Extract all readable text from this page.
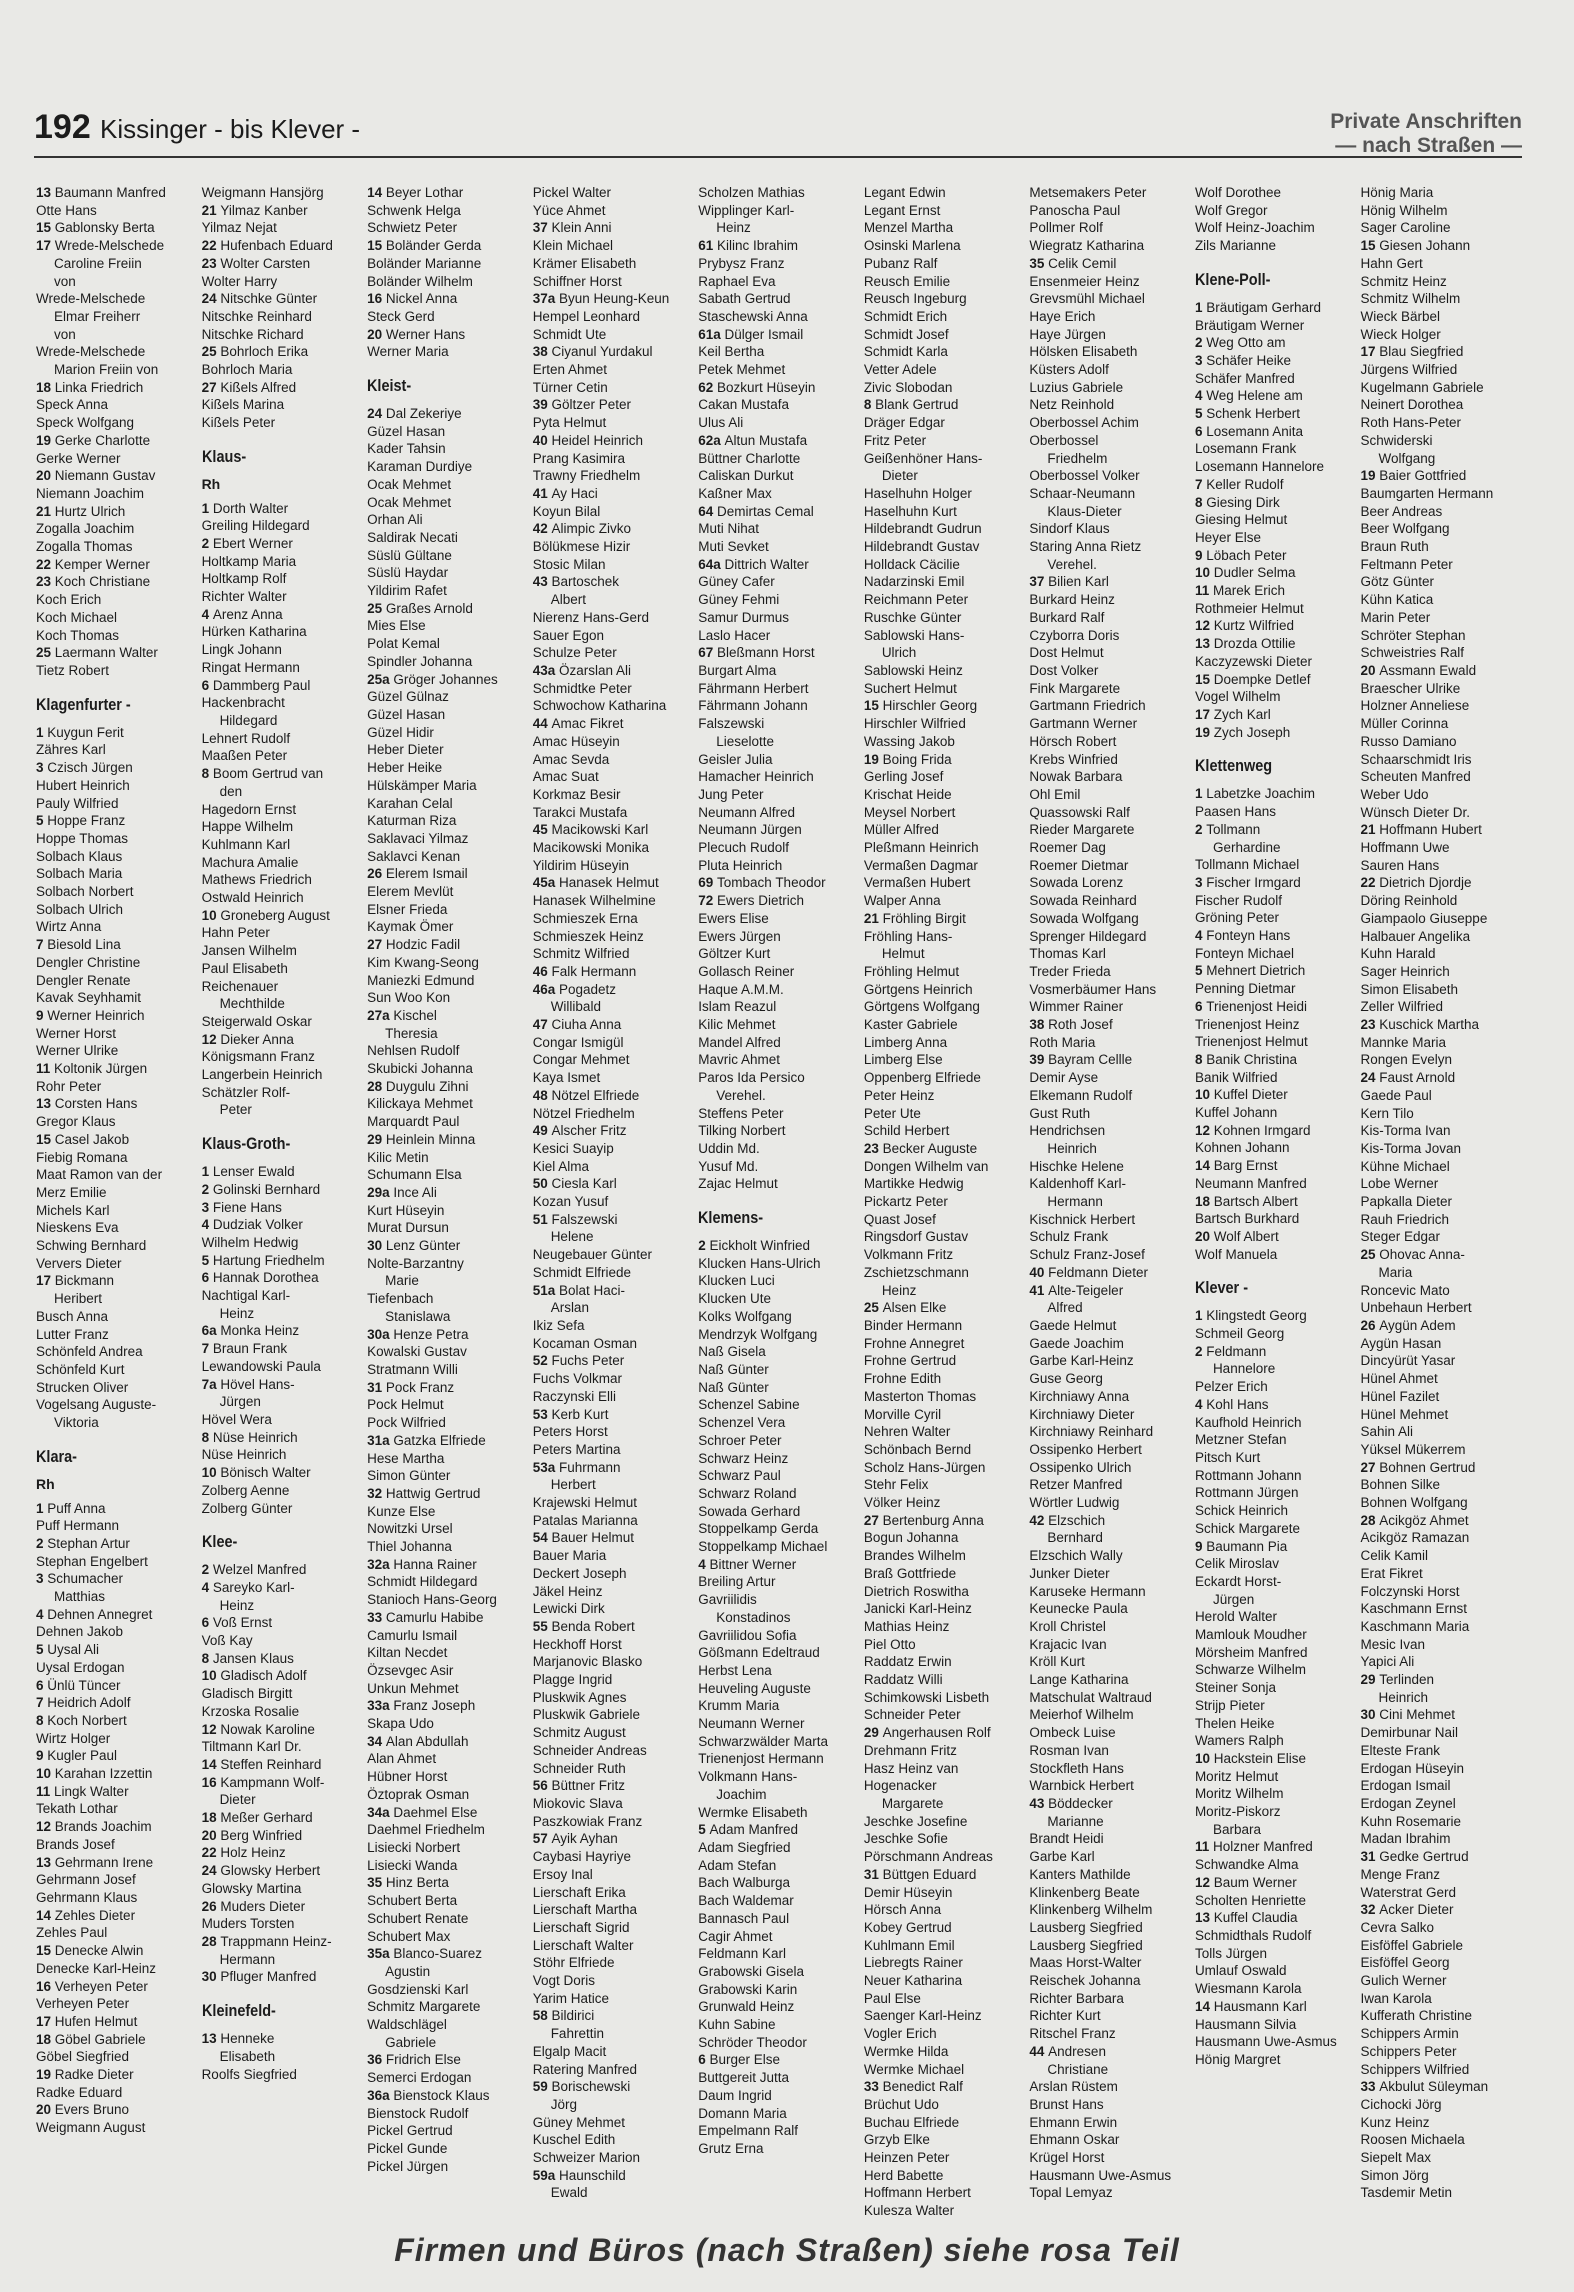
192 Kissinger - bis Klever -	Private Anschriften
— nach Straßen —
13 Baumann Manfred
Otte Hans
15 Gablonsky Berta
17 Wrede-Melschede
Caroline Freiin
von
Wrede-Melschede
Elmar Freiherr
von
Wrede-Melschede
Marion Freiin von
18 Linka Friedrich
Speck Anna
Speck Wolfgang
19 Gerke Charlotte
Gerke Werner
20 Niemann Gustav
Niemann Joachim
21 Hurtz Ulrich
Zogalla Joachim
Zogalla Thomas
22 Kemper Werner
23 Koch Christiane
Koch Erich
Koch Michael
Koch Thomas
25 Laermann Walter
Tietz Robert
Klagenfurter -
1 Kuygun Ferit
Zähres Karl
3 Czisch Jürgen
Hubert Heinrich
Pauly Wilfried
5 Hoppe Franz
Hoppe Thomas
Solbach Klaus
Solbach Maria
Solbach Norbert
Solbach Ulrich
Wirtz Anna
7 Biesold Lina
Dengler Christine
Dengler Renate
Kavak Seyhhamit
9 Werner Heinrich
Werner Horst
Werner Ulrike
11 Koltonik Jürgen
Rohr Peter
13 Corsten Hans
Gregor Klaus
15 Casel Jakob
Fiebig Romana
Maat Ramon van der
Merz Emilie
Michels Karl
Nieskens Eva
Schwing Bernhard
Ververs Dieter
17 Bickmann
Heribert
Busch Anna
Lutter Franz
Schönfeld Andrea
Schönfeld Kurt
Strucken Oliver
Vogelsang Auguste-
Viktoria
Klara-
Rh
1 Puff Anna
Puff Hermann
2 Stephan Artur
Stephan Engelbert
3 Schumacher
Matthias
4 Dehnen Annegret
Dehnen Jakob
5 Uysal Ali
Uysal Erdogan
6 Ünlü Tüncer
7 Heidrich Adolf
8 Koch Norbert
Wirtz Holger
9 Kugler Paul
10 Karahan Izzettin
11 Lingk Walter
Tekath Lothar
12 Brands Joachim
Brands Josef
13 Gehrmann Irene
Gehrmann Josef
Gehrmann Klaus
14 Zehles Dieter
Zehles Paul
15 Denecke Alwin
Denecke Karl-Heinz
16 Verheyen Peter
Verheyen Peter
17 Hufen Helmut
18 Göbel Gabriele
Göbel Siegfried
19 Radke Dieter
Radke Eduard
20 Evers Bruno
Weigmann August
Weigmann Hansjörg
21 Yilmaz Kanber
Yilmaz Nejat
22 Hufenbach Eduard
23 Wolter Carsten
Wolter Harry
24 Nitschke Günter
Nitschke Reinhard
Nitschke Richard
25 Bohrloch Erika
Bohrloch Maria
27 Kißels Alfred
Kißels Marina
Kißels Peter
Klaus-
Rh
1 Dorth Walter
Greiling Hildegard
2 Ebert Werner
Holtkamp Maria
Holtkamp Rolf
Richter Walter
4 Arenz Anna
Hürken Katharina
Lingk Johann
Ringat Hermann
6 Dammberg Paul
Hackenbracht
Hildegard
Lehnert Rudolf
Maaßen Peter
8 Boom Gertrud van
den
Hagedorn Ernst
Happe Wilhelm
Kuhlmann Karl
Machura Amalie
Mathews Friedrich
Ostwald Heinrich
10 Groneberg August
Hahn Peter
Jansen Wilhelm
Paul Elisabeth
Reichenauer
Mechthilde
Steigerwald Oskar
12 Dieker Anna
Königsmann Franz
Langerbein Heinrich
Schätzler Rolf-
Peter
Klaus-Groth-
1 Lenser Ewald
2 Golinski Bernhard
3 Fiene Hans
4 Dudziak Volker
Wilhelm Hedwig
5 Hartung Friedhelm
6 Hannak Dorothea
Nachtigal Karl-
Heinz
6a Monka Heinz
7 Braun Frank
Lewandowski Paula
7a Hövel Hans-
Jürgen
Hövel Wera
8 Nüse Heinrich
Nüse Heinrich
10 Bönisch Walter
Zolberg Aenne
Zolberg Günter
Klee-
2 Welzel Manfred
4 Sareyko Karl-
Heinz
6 Voß Ernst
Voß Kay
8 Jansen Klaus
10 Gladisch Adolf
Gladisch Birgitt
Krzoska Rosalie
12 Nowak Karoline
Tiltmann Karl Dr.
14 Steffen Reinhard
16 Kampmann Wolf-
Dieter
18 Meßer Gerhard
20 Berg Winfried
22 Holz Heinz
24 Glowsky Herbert
Glowsky Martina
26 Muders Dieter
Muders Torsten
28 Trappmann Heinz-
Hermann
30 Pfluger Manfred
Kleinefeld-
13 Henneke
Elisabeth
Roolfs Siegfried
14 Beyer Lothar
Schwenk Helga
Schwietz Peter
15 Boländer Gerda
Boländer Marianne
Boländer Wilhelm
16 Nickel Anna
Steck Gerd
20 Werner Hans
Werner Maria
Kleist-
24 Dal Zekeriye
Güzel Hasan
Kader Tahsin
Karaman Durdiye
Ocak Mehmet
Ocak Mehmet
Orhan Ali
Saldirak Necati
Süslü Gültane
Süslü Haydar
Yildirim Rafet
25 Graßes Arnold
Mies Else
Polat Kemal
Spindler Johanna
25a Gröger Johannes
Güzel Gülnaz
Güzel Hasan
Güzel Hidir
Heber Dieter
Heber Heike
Hülskämper Maria
Karahan Celal
Katurman Riza
Saklavaci Yilmaz
Saklavci Kenan
26 Elerem Ismail
Elerem Mevlüt
Elsner Frieda
Kaymak Ömer
27 Hodzic Fadil
Kim Kwang-Seong
Maniezki Edmund
Sun Woo Kon
27a Kischel
Theresia
Nehlsen Rudolf
Skubicki Johanna
28 Duygulu Zihni
Kilickaya Mehmet
Marquardt Paul
29 Heinlein Minna
Kilic Metin
Schumann Elsa
29a Ince Ali
Kurt Hüseyin
Murat Dursun
30 Lenz Günter
Nolte-Barzantny
Marie
Tiefenbach
Stanislawa
30a Henze Petra
Kowalski Gustav
Stratmann Willi
31 Pock Franz
Pock Helmut
Pock Wilfried
31a Gatzka Elfriede
Hese Martha
Simon Günter
32 Hattwig Gertrud
Kunze Else
Nowitzki Ursel
Thiel Johanna
32a Hanna Rainer
Schmidt Hildegard
Stanioch Hans-Georg
33 Camurlu Habibe
Camurlu Ismail
Kiltan Necdet
Özsevgec Asir
Unkun Mehmet
33a Franz Joseph
Skapa Udo
34 Alan Abdullah
Alan Ahmet
Hübner Horst
Öztoprak Osman
34a Daehmel Else
Daehmel Friedhelm
Lisiecki Norbert
Lisiecki Wanda
35 Hinz Berta
Schubert Berta
Schubert Renate
Schubert Max
35a Blanco-Suarez
Agustin
Gosdzienski Karl
Schmitz Margarete
Waldschlägel
Gabriele
36 Fridrich Else
Semerci Erdogan
36a Bienstock Klaus
Bienstock Rudolf
Pickel Gertrud
Pickel Gunde
Pickel Jürgen
Pickel Walter
Yüce Ahmet
37 Klein Anni
Klein Michael
Krämer Elisabeth
Schiffner Horst
37a Byun Heung-Keun
Hempel Leonhard
Schmidt Ute
38 Ciyanul Yurdakul
Erten Ahmet
Türner Cetin
39 Göltzer Peter
Pyta Helmut
40 Heidel Heinrich
Prang Kasimira
Trawny Friedhelm
41 Ay Haci
Koyun Bilal
42 Alimpic Zivko
Bölükmese Hizir
Stosic Milan
43 Bartoschek
Albert
Nierenz Hans-Gerd
Sauer Egon
Schulze Peter
43a Özarslan Ali
Schmidtke Peter
Schwochow Katharina
44 Amac Fikret
Amac Hüseyin
Amac Sevda
Amac Suat
Korkmaz Besir
Tarakci Mustafa
45 Macikowski Karl
Macikowski Monika
Yildirim Hüseyin
45a Hanasek Helmut
Hanasek Wilhelmine
Schmieszek Erna
Schmieszek Heinz
Schmitz Wilfried
46 Falk Hermann
46a Pogadetz
Willibald
47 Ciuha Anna
Congar Ismigül
Congar Mehmet
Kaya Ismet
48 Nötzel Elfriede
Nötzel Friedhelm
49 Alscher Fritz
Kesici Suayip
Kiel Alma
50 Ciesla Karl
Kozan Yusuf
51 Falszewski
Helene
Neugebauer Günter
Schmidt Elfriede
51a Bolat Haci-
Arslan
Ikiz Sefa
Kocaman Osman
52 Fuchs Peter
Fuchs Volkmar
Raczynski Elli
53 Kerb Kurt
Peters Horst
Peters Martina
53a Fuhrmann
Herbert
Krajewski Helmut
Patalas Marianna
54 Bauer Helmut
Bauer Maria
Deckert Joseph
Jäkel Heinz
Lewicki Dirk
55 Benda Robert
Heckhoff Horst
Marjanovic Blasko
Plagge Ingrid
Pluskwik Agnes
Pluskwik Gabriele
Schmitz August
Schneider Andreas
Schneider Ruth
56 Büttner Fritz
Miokovic Slava
Paszkowiak Franz
57 Ayik Ayhan
Caybasi Hayriye
Ersoy Inal
Lierschaft Erika
Lierschaft Martha
Lierschaft Sigrid
Lierschaft Walter
Stöhr Elfriede
Vogt Doris
Yarim Hatice
58 Bildirici
Fahrettin
Elgalp Macit
Ratering Manfred
59 Borischewski
Jörg
Güney Mehmet
Kuschel Edith
Schweizer Marion
59a Haunschild
Ewald
Scholzen Mathias
Wipplinger Karl-
Heinz
61 Kilinc Ibrahim
Prybysz Franz
Raphael Eva
Sabath Gertrud
Staschewski Anna
61a Dülger Ismail
Keil Bertha
Petek Mehmet
62 Bozkurt Hüseyin
Cakan Mustafa
Ulus Ali
62a Altun Mustafa
Büttner Charlotte
Caliskan Durkut
Kaßner Max
64 Demirtas Cemal
Muti Nihat
Muti Sevket
64a Dittrich Walter
Güney Cafer
Güney Fehmi
Samur Durmus
Laslo Hacer
67 Bleßmann Horst
Burgart Alma
Fährmann Herbert
Fährmann Johann
Falszewski
Lieselotte
Geisler Julia
Hamacher Heinrich
Jung Peter
Neumann Alfred
Neumann Jürgen
Plecuch Rudolf
Pluta Heinrich
69 Tombach Theodor
72 Ewers Dietrich
Ewers Elise
Ewers Jürgen
Göltzer Kurt
Gollasch Reiner
Haque A.M.M.
Islam Reazul
Kilic Mehmet
Mandel Alfred
Mavric Ahmet
Paros Ida Persico
Verehel.
Steffens Peter
Tilking Norbert
Uddin Md.
Yusuf Md.
Zajac Helmut
Klemens-
2 Eickholt Winfried
Klucken Hans-Ulrich
Klucken Luci
Klucken Ute
Kolks Wolfgang
Mendrzyk Wolfgang
Naß Gisela
Naß Günter
Naß Günter
Schenzel Sabine
Schenzel Vera
Schroer Peter
Schwarz Heinz
Schwarz Paul
Schwarz Roland
Sowada Gerhard
Stoppelkamp Gerda
Stoppelkamp Michael
4 Bittner Werner
Breiling Artur
Gavriilidis
Konstadinos
Gavriilidou Sofia
Gößmann Edeltraud
Herbst Lena
Heuveling Auguste
Krumm Maria
Neumann Werner
Schwarzwälder Marta
Trienenjost Hermann
Volkmann Hans-
Joachim
Wermke Elisabeth
5 Adam Manfred
Adam Siegfried
Adam Stefan
Bach Walburga
Bach Waldemar
Bannasch Paul
Cagir Ahmet
Feldmann Karl
Grabowski Gisela
Grabowski Karin
Grunwald Heinz
Kuhn Sabine
Schröder Theodor
6 Burger Else
Buttgereit Jutta
Daum Ingrid
Domann Maria
Empelmann Ralf
Grutz Erna
Legant Edwin
Legant Ernst
Menzel Martha
Osinski Marlena
Pubanz Ralf
Reusch Emilie
Reusch Ingeburg
Schmidt Erich
Schmidt Josef
Schmidt Karla
Vetter Adele
Zivic Slobodan
8 Blank Gertrud
Dräger Edgar
Fritz Peter
Geißenhöner Hans-
Dieter
Haselhuhn Holger
Haselhuhn Kurt
Hildebrandt Gudrun
Hildebrandt Gustav
Holldack Cäcilie
Nadarzinski Emil
Reichmann Peter
Ruschke Günter
Sablowski Hans-
Ulrich
Sablowski Heinz
Suchert Helmut
15 Hirschler Georg
Hirschler Wilfried
Wassing Jakob
19 Boing Frida
Gerling Josef
Krischat Heide
Meysel Norbert
Müller Alfred
Pleßmann Heinrich
Vermaßen Dagmar
Vermaßen Hubert
Walper Anna
21 Fröhling Birgit
Fröhling Hans-
Helmut
Fröhling Helmut
Görtgens Heinrich
Görtgens Wolfgang
Kaster Gabriele
Limberg Anna
Limberg Else
Oppenberg Elfriede
Peter Heinz
Peter Ute
Schild Herbert
23 Becker Auguste
Dongen Wilhelm van
Martikke Hedwig
Pickartz Peter
Quast Josef
Ringsdorf Gustav
Volkmann Fritz
Zschietzschmann
Heinz
25 Alsen Elke
Binder Hermann
Frohne Annegret
Frohne Gertrud
Frohne Edith
Masterton Thomas
Morville Cyril
Nehren Walter
Schönbach Bernd
Scholz Hans-Jürgen
Stehr Felix
Völker Heinz
27 Bertenburg Anna
Bogun Johanna
Brandes Wilhelm
Braß Gottfriede
Dietrich Roswitha
Janicki Karl-Heinz
Mathias Heinz
Piel Otto
Raddatz Erwin
Raddatz Willi
Schimkowski Lisbeth
Schneider Peter
29 Angerhausen Rolf
Drehmann Fritz
Hasz Heinz van
Hogenacker
Margarete
Jeschke Josefine
Jeschke Sofie
Pörschmann Andreas
31 Büttgen Eduard
Demir Hüseyin
Hörsch Anna
Kobey Gertrud
Kuhlmann Emil
Liebregts Rainer
Neuer Katharina
Paul Else
Saenger Karl-Heinz
Vogler Erich
Wermke Hilda
Wermke Michael
33 Benedict Ralf
Brüchut Udo
Buchau Elfriede
Grzyb Elke
Heinzen Peter
Herd Babette
Hoffmann Herbert
Kulesza Walter
Metsemakers Peter
Panoscha Paul
Pollmer Rolf
Wiegratz Katharina
35 Celik Cemil
Ensenmeier Heinz
Grevsmühl Michael
Haye Erich
Haye Jürgen
Hölsken Elisabeth
Küsters Adolf
Luzius Gabriele
Netz Reinhold
Oberbossel Achim
Oberbossel
Friedhelm
Oberbossel Volker
Schaar-Neumann
Klaus-Dieter
Sindorf Klaus
Staring Anna Rietz
Verehel.
37 Bilien Karl
Burkard Heinz
Burkard Ralf
Czyborra Doris
Dost Helmut
Dost Volker
Fink Margarete
Gartmann Friedrich
Gartmann Werner
Hörsch Robert
Krebs Winfried
Nowak Barbara
Ohl Emil
Quassowski Ralf
Rieder Margarete
Roemer Dag
Roemer Dietmar
Sowada Lorenz
Sowada Reinhard
Sowada Wolfgang
Sprenger Hildegard
Thomas Karl
Treder Frieda
Vosmerbäumer Hans
Wimmer Rainer
38 Roth Josef
Roth Maria
39 Bayram Cellle
Demir Ayse
Elkemann Rudolf
Gust Ruth
Hendrichsen
Heinrich
Hischke Helene
Kaldenhoff Karl-
Hermann
Kischnick Herbert
Schulz Frank
Schulz Franz-Josef
40 Feldmann Dieter
41 Alte-Teigeler
Alfred
Gaede Helmut
Gaede Joachim
Garbe Karl-Heinz
Guse Georg
Kirchniawy Anna
Kirchniawy Dieter
Kirchniawy Reinhard
Ossipenko Herbert
Ossipenko Ulrich
Retzer Manfred
Wörtler Ludwig
42 Elzschich
Bernhard
Elzschich Wally
Junker Dieter
Karuseke Hermann
Keunecke Paula
Kroll Christel
Krajacic Ivan
Kröll Kurt
Lange Katharina
Matschulat Waltraud
Meierhof Wilhelm
Ombeck Luise
Rosman Ivan
Stockfleth Hans
Warnbick Herbert
43 Böddecker
Marianne
Brandt Heidi
Garbe Karl
Kanters Mathilde
Klinkenberg Beate
Klinkenberg Wilhelm
Lausberg Siegfried
Lausberg Siegfried
Maas Horst-Walter
Reischek Johanna
Richter Barbara
Richter Kurt
Ritschel Franz
44 Andresen
Christiane
Arslan Rüstem
Brunst Hans
Ehmann Erwin
Ehmann Oskar
Krügel Horst
Hausmann Uwe-Asmus
Topal Lemyaz
Wolf Dorothee
Wolf Gregor
Wolf Heinz-Joachim
Zils Marianne
Klene-Poll-
1 Bräutigam Gerhard
Bräutigam Werner
2 Weg Otto am
3 Schäfer Heike
Schäfer Manfred
4 Weg Helene am
5 Schenk Herbert
6 Losemann Anita
Losemann Frank
Losemann Hannelore
7 Keller Rudolf
8 Giesing Dirk
Giesing Helmut
Heyer Else
9 Löbach Peter
10 Dudler Selma
11 Marek Erich
Rothmeier Helmut
12 Kurtz Wilfried
13 Drozda Ottilie
Kaczyzewski Dieter
15 Doempke Detlef
Vogel Wilhelm
17 Zych Karl
19 Zych Joseph
Klettenweg
1 Labetzke Joachim
Paasen Hans
2 Tollmann
Gerhardine
Tollmann Michael
3 Fischer Irmgard
Fischer Rudolf
Gröning Peter
4 Fonteyn Hans
Fonteyn Michael
5 Mehnert Dietrich
Penning Dietmar
6 Trienenjost Heidi
Trienenjost Heinz
Trienenjost Helmut
8 Banik Christina
Banik Wilfried
10 Kuffel Dieter
Kuffel Johann
12 Kohnen Irmgard
Kohnen Johann
14 Barg Ernst
Neumann Manfred
18 Bartsch Albert
Bartsch Burkhard
20 Wolf Albert
Wolf Manuela
Klever -
1 Klingstedt Georg
Schmeil Georg
2 Feldmann
Hannelore
Pelzer Erich
4 Kohl Hans
Kaufhold Heinrich
Metzner Stefan
Pitsch Kurt
Rottmann Johann
Rottmann Jürgen
Schick Heinrich
Schick Margarete
9 Baumann Pia
Celik Miroslav
Eckardt Horst-
Jürgen
Herold Walter
Mamlouk Moudher
Mörsheim Manfred
Schwarze Wilhelm
Steiner Sonja
Strijp Pieter
Thelen Heike
Wamers Ralph
10 Hackstein Elise
Moritz Helmut
Moritz Wilhelm
Moritz-Piskorz
Barbara
11 Holzner Manfred
Schwandke Alma
12 Baum Werner
Scholten Henriette
13 Kuffel Claudia
Schmidthals Rudolf
Tolls Jürgen
Umlauf Oswald
Wiesmann Karola
14 Hausmann Karl
Hausmann Silvia
Hausmann Uwe-Asmus
Hönig Margret
Hönig Maria
Hönig Wilhelm
Sager Caroline
15 Giesen Johann
Hahn Gert
Schmitz Heinz
Schmitz Wilhelm
Wieck Bärbel
Wieck Holger
17 Blau Siegfried
Jürgens Wilfried
Kugelmann Gabriele
Neinert Dorothea
Roth Hans-Peter
Schwiderski
Wolfgang
19 Baier Gottfried
Baumgarten Hermann
Beer Andreas
Beer Wolfgang
Braun Ruth
Feltmann Peter
Götz Günter
Kühn Katica
Marin Peter
Schröter Stephan
Schweistries Ralf
20 Assmann Ewald
Braescher Ulrike
Holzner Anneliese
Müller Corinna
Russo Damiano
Schaarschmidt Iris
Scheuten Manfred
Weber Udo
Wünsch Dieter Dr.
21 Hoffmann Hubert
Hoffmann Uwe
Sauren Hans
22 Dietrich Djordje
Döring Reinhold
Giampaolo Giuseppe
Halbauer Angelika
Kuhn Harald
Sager Heinrich
Simon Elisabeth
Zeller Wilfried
23 Kuschick Martha
Mannke Maria
Rongen Evelyn
24 Faust Arnold
Gaede Paul
Kern Tilo
Kis-Torma Ivan
Kis-Torma Jovan
Kühne Michael
Lobe Werner
Papkalla Dieter
Rauh Friedrich
Steger Edgar
25 Ohovac Anna-
Maria
Roncevic Mato
Unbehaun Herbert
26 Aygün Adem
Aygün Hasan
Dincyürüt Yasar
Hünel Ahmet
Hünel Fazilet
Hünel Mehmet
Sahin Ali
Yüksel Mükerrem
27 Bohnen Gertrud
Bohnen Silke
Bohnen Wolfgang
28 Acikgöz Ahmet
Acikgöz Ramazan
Celik Kamil
Erat Fikret
Folczynski Horst
Kaschmann Ernst
Kaschmann Maria
Mesic Ivan
Yapici Ali
29 Terlinden
Heinrich
30 Cini Mehmet
Demirbunar Nail
Elteste Frank
Erdogan Hüseyin
Erdogan Ismail
Erdogan Zeynel
Kuhn Rosemarie
Madan Ibrahim
31 Gedke Gertrud
Menge Franz
Waterstrat Gerd
32 Acker Dieter
Cevra Salko
Eisföffel Gabriele
Eisföffel Georg
Gulich Werner
Iwan Karola
Kufferath Christine
Schippers Armin
Schippers Peter
Schippers Wilfried
33 Akbulut Süleyman
Cichocki Jörg
Kunz Heinz
Roosen Michaela
Siepelt Max
Simon Jörg
Tasdemir Metin
Firmen und Büros (nach Straßen) siehe rosa Teil
